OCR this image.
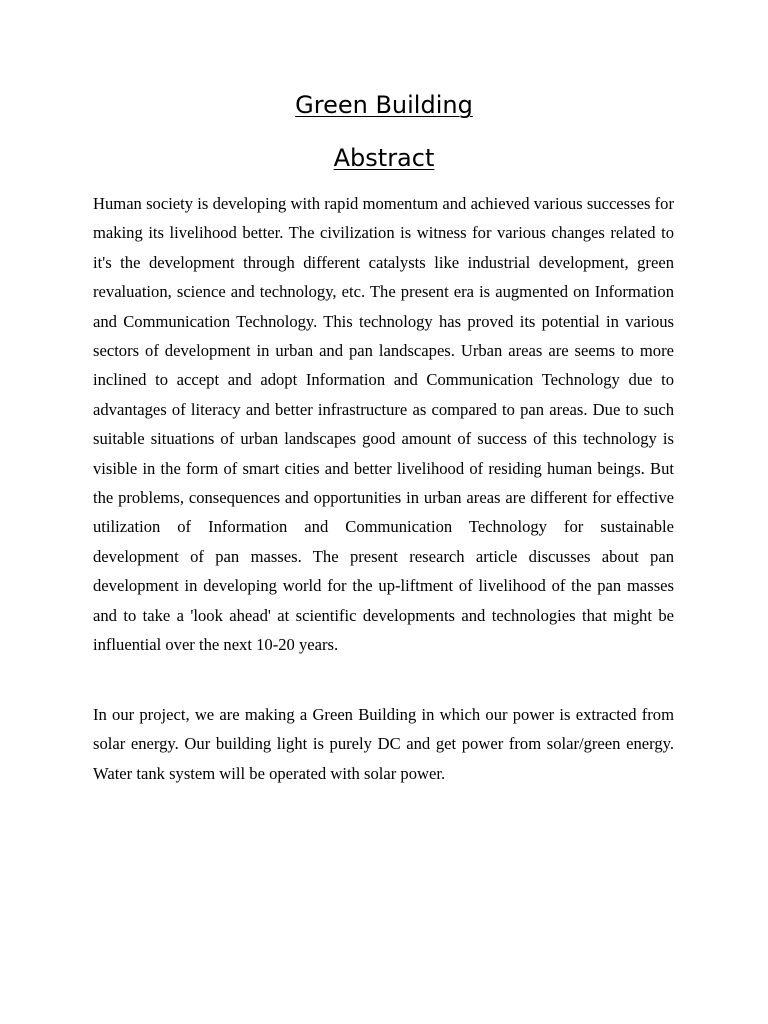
Green Building
Abstract

Human society is developing with rapid momentum and achieved various successes for making its livelihood better. The civilization is witness for various changes related to it's the development through different catalysts like industrial development, green revaluation, science and technology, etc. The present era is augmented on Information and Communication Technology. This technology has proved its potential in various sectors of development in urban and pan landscapes. Urban areas are seems to more inclined to accept and adopt Information and Communication Technology due to advantages of literacy and better infrastructure as compared to pan areas. Due to such suitable situations of urban landscapes good amount of success of this technology is visible in the form of smart cities and better livelihood of residing human beings. But the problems, consequences and opportunities in urban areas are different for effective utilization of Information and Communication Technology for sustainable development of pan masses. The present research article discusses about pan development in developing world for the up-liftment of livelihood of the pan masses and to take a 'look ahead' at scientific developments and technologies that might be influential over the next 10-20 years.

In our project, we are making a Green Building in which our power is extracted from solar energy. Our building light is purely DC and get power from solar/green energy. Water tank system will be operated with solar power.
